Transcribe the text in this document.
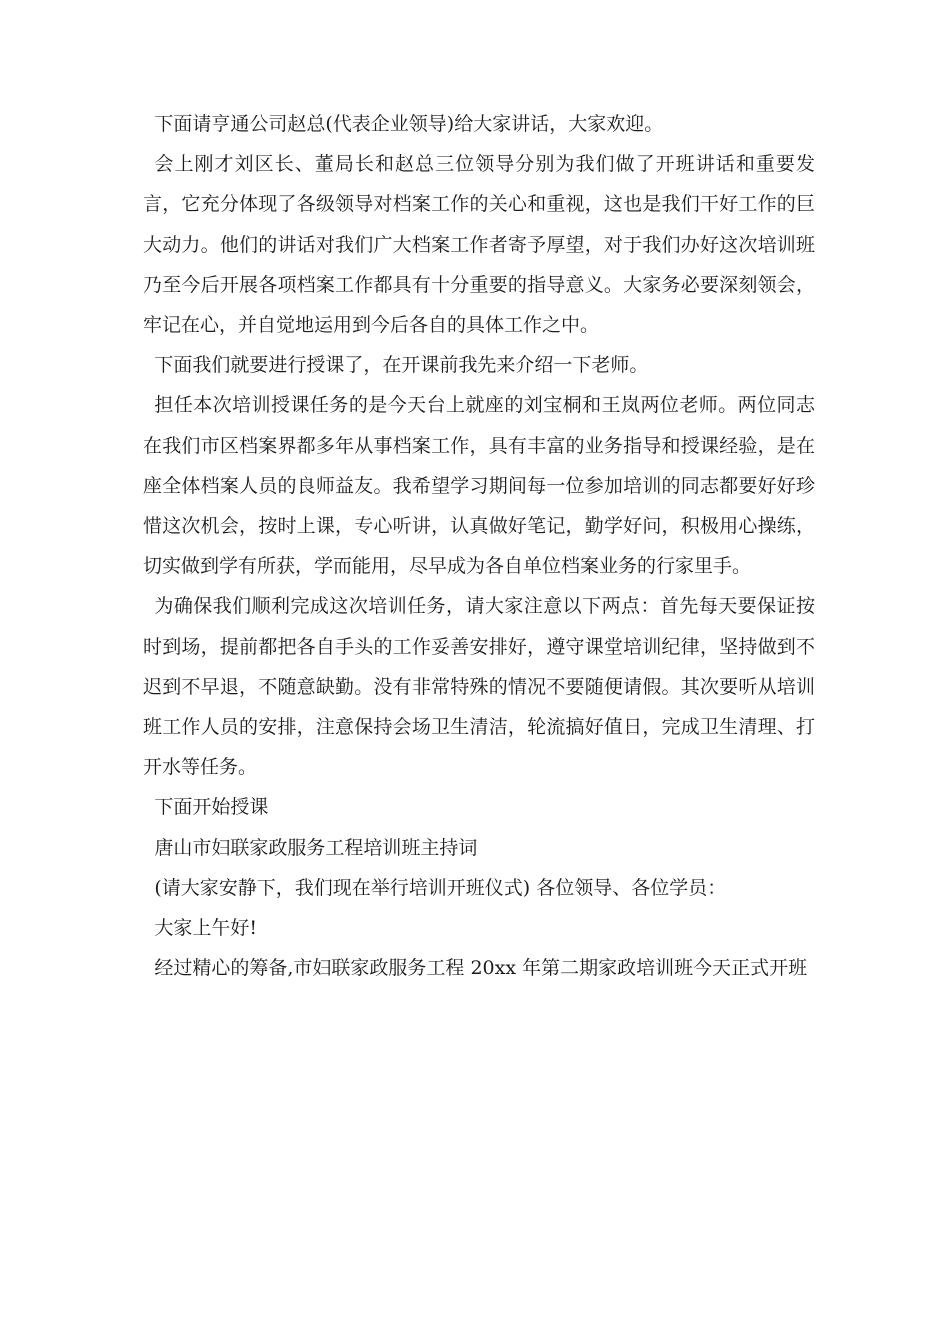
下面请亨通公司赵总(代表企业领导)给大家讲话，大家欢迎。

会上刚才刘区长、董局长和赵总三位领导分别为我们做了开班讲话和重要发言，它充分体现了各级领导对档案工作的关心和重视，这也是我们干好工作的巨大动力。他们的讲话对我们广大档案工作者寄予厚望，对于我们办好这次培训班乃至今后开展各项档案工作都具有十分重要的指导意义。大家务必要深刻领会，牢记在心，并自觉地运用到今后各自的具体工作之中。

下面我们就要进行授课了，在开课前我先来介绍一下老师。

担任本次培训授课任务的是今天台上就座的刘宝桐和王岚两位老师。两位同志在我们市区档案界都多年从事档案工作，具有丰富的业务指导和授课经验，是在座全体档案人员的良师益友。我希望学习期间每一位参加培训的同志都要好好珍惜这次机会，按时上课，专心听讲，认真做好笔记，勤学好问，积极用心操练，切实做到学有所获，学而能用，尽早成为各自单位档案业务的行家里手。

为确保我们顺利完成这次培训任务，请大家注意以下两点：首先每天要保证按时到场，提前都把各自手头的工作妥善安排好，遵守课堂培训纪律，坚持做到不迟到不早退，不随意缺勤。没有非常特殊的情况不要随便请假。其次要听从培训班工作人员的安排，注意保持会场卫生清洁，轮流搞好值日，完成卫生清理、打开水等任务。

下面开始授课

唐山市妇联家政服务工程培训班主持词

(请大家安静下，我们现在举行培训开班仪式) 各位领导、各位学员：

大家上午好!

经过精心的筹备,市妇联家政服务工程 20xx 年第二期家政培训班今天正式开班
